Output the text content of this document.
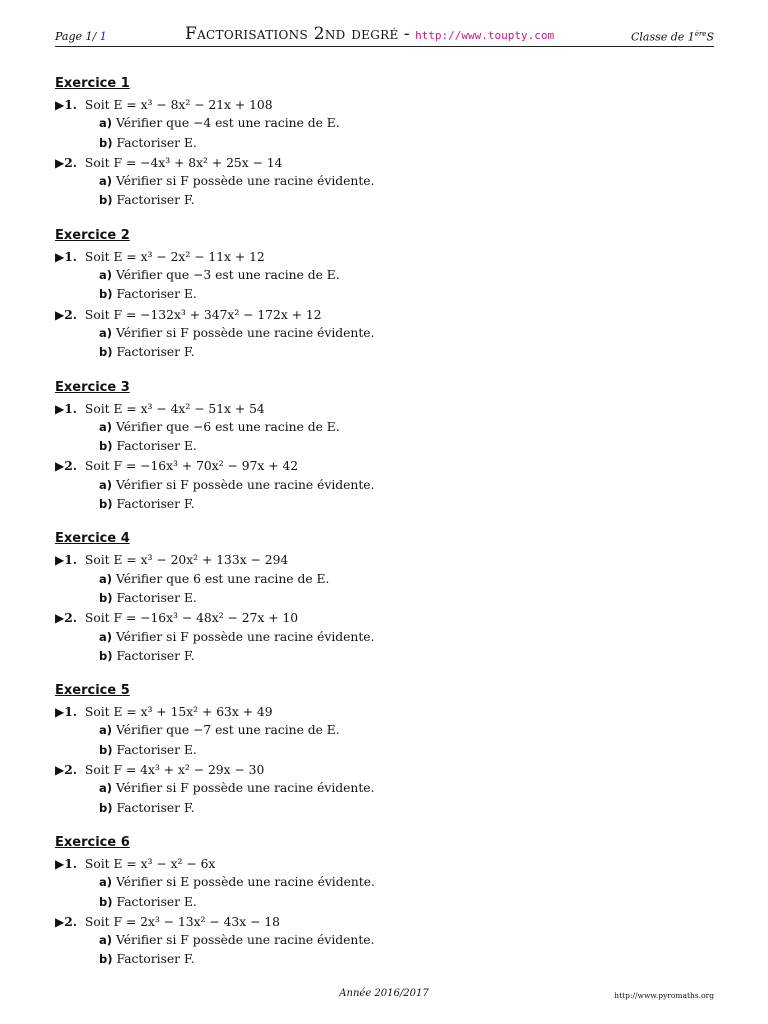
Page 1/ 1	Factorisations 2nd degré - http://www.toupty.com	Classe de 1èreS
Exercice 1
▶1. Soit E = x³ − 8x² − 21x + 108
a) Vérifier que −4 est une racine de E.
b) Factoriser E.
▶2. Soit F = −4x³ + 8x² + 25x − 14
a) Vérifier si F possède une racine évidente.
b) Factoriser F.
Exercice 2
▶1. Soit E = x³ − 2x² − 11x + 12
a) Vérifier que −3 est une racine de E.
b) Factoriser E.
▶2. Soit F = −132x³ + 347x² − 172x + 12
a) Vérifier si F possède une racine évidente.
b) Factoriser F.
Exercice 3
▶1. Soit E = x³ − 4x² − 51x + 54
a) Vérifier que −6 est une racine de E.
b) Factoriser E.
▶2. Soit F = −16x³ + 70x² − 97x + 42
a) Vérifier si F possède une racine évidente.
b) Factoriser F.
Exercice 4
▶1. Soit E = x³ − 20x² + 133x − 294
a) Vérifier que 6 est une racine de E.
b) Factoriser E.
▶2. Soit F = −16x³ − 48x² − 27x + 10
a) Vérifier si F possède une racine évidente.
b) Factoriser F.
Exercice 5
▶1. Soit E = x³ + 15x² + 63x + 49
a) Vérifier que −7 est une racine de E.
b) Factoriser E.
▶2. Soit F = 4x³ + x² − 29x − 30
a) Vérifier si F possède une racine évidente.
b) Factoriser F.
Exercice 6
▶1. Soit E = x³ − x² − 6x
a) Vérifier si E possède une racine évidente.
b) Factoriser E.
▶2. Soit F = 2x³ − 13x² − 43x − 18
a) Vérifier si F possède une racine évidente.
b) Factoriser F.
Année 2016/2017	http://www.pyromaths.org
